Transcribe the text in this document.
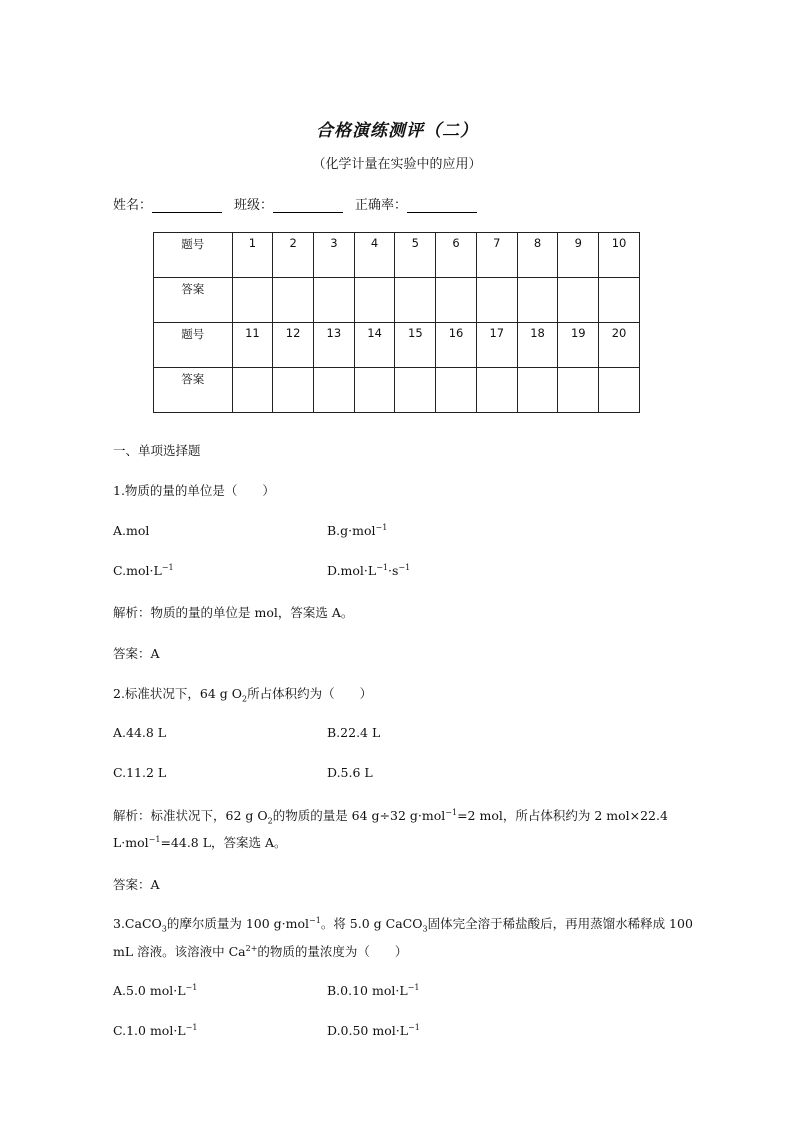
合格演练测评（二）
（化学计量在实验中的应用）
姓名：	班级：	正确率：
题号	1	2	3	4	5	6	7	8	9	10
答案										
题号	11	12	13	14	15	16	17	18	19	20
答案										
一、单项选择题
1.物质的量的单位是（　　）
A.mol	B.g·mol$^{-1}$
$C.mol\cdot L^{-1}$	$D.mol\cdot L^{-1}\cdot s^{-1}$
解析：物质的量的单位是 mol，答案选 A。
答案：A
2.标准状况下，64 g $O_2$所占体积约为（　　）
A.44.8 L	B.22.4 L
C.11.2 L	D.5.6 L
解析：标准状况下，62 g $O_2$的物质的量是 64 g÷32 g·mol$^{-1}$=2 mol，所占体积约为 2 mol×22.4
L·mol$^{-1}$=44.8 L，答案选 A。
答案：A
3.CaCO$_3$的摩尔质量为 100 g·mol$^{-1}$。将 5.0 g CaCO$_3$固体完全溶于稀盐酸后，再用蒸馏水稀释成 100
mL 溶液。该溶液中 $Ca^{2+}$的物质的量浓度为（　　）
A.5.0 $mol\cdot L^{-1}$	B.0.10 $mol\cdot L^{-1}$
C.1.0 $mol\cdot L^{-1}$	D.0.50 $mol\cdot L^{-1}$
